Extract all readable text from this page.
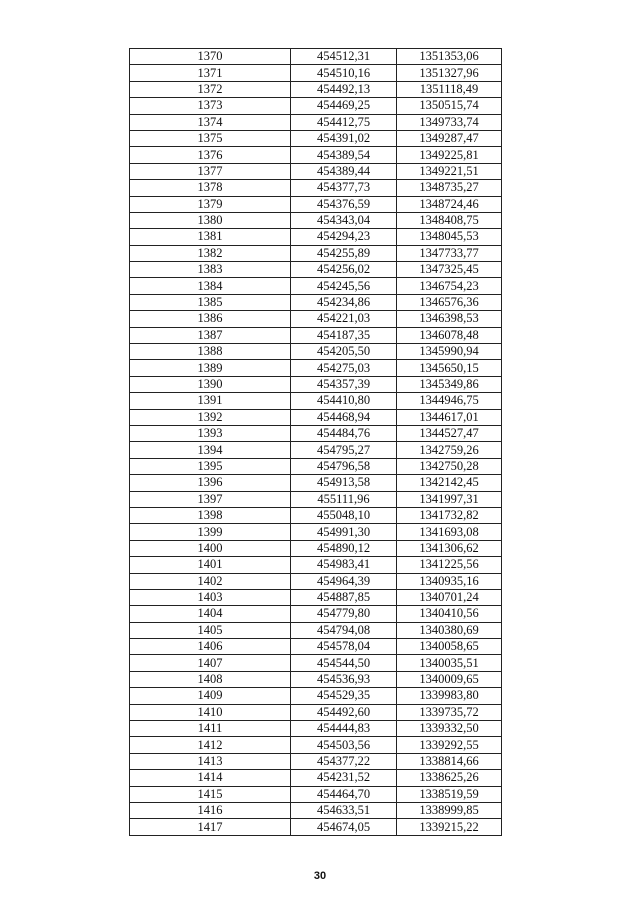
1370	454512,31	1351353,06
1371	454510,16	1351327,96
1372	454492,13	1351118,49
1373	454469,25	1350515,74
1374	454412,75	1349733,74
1375	454391,02	1349287,47
1376	454389,54	1349225,81
1377	454389,44	1349221,51
1378	454377,73	1348735,27
1379	454376,59	1348724,46
1380	454343,04	1348408,75
1381	454294,23	1348045,53
1382	454255,89	1347733,77
1383	454256,02	1347325,45
1384	454245,56	1346754,23
1385	454234,86	1346576,36
1386	454221,03	1346398,53
1387	454187,35	1346078,48
1388	454205,50	1345990,94
1389	454275,03	1345650,15
1390	454357,39	1345349,86
1391	454410,80	1344946,75
1392	454468,94	1344617,01
1393	454484,76	1344527,47
1394	454795,27	1342759,26
1395	454796,58	1342750,28
1396	454913,58	1342142,45
1397	455111,96	1341997,31
1398	455048,10	1341732,82
1399	454991,30	1341693,08
1400	454890,12	1341306,62
1401	454983,41	1341225,56
1402	454964,39	1340935,16
1403	454887,85	1340701,24
1404	454779,80	1340410,56
1405	454794,08	1340380,69
1406	454578,04	1340058,65
1407	454544,50	1340035,51
1408	454536,93	1340009,65
1409	454529,35	1339983,80
1410	454492,60	1339735,72
1411	454444,83	1339332,50
1412	454503,56	1339292,55
1413	454377,22	1338814,66
1414	454231,52	1338625,26
1415	454464,70	1338519,59
1416	454633,51	1338999,85
1417	454674,05	1339215,22
30
